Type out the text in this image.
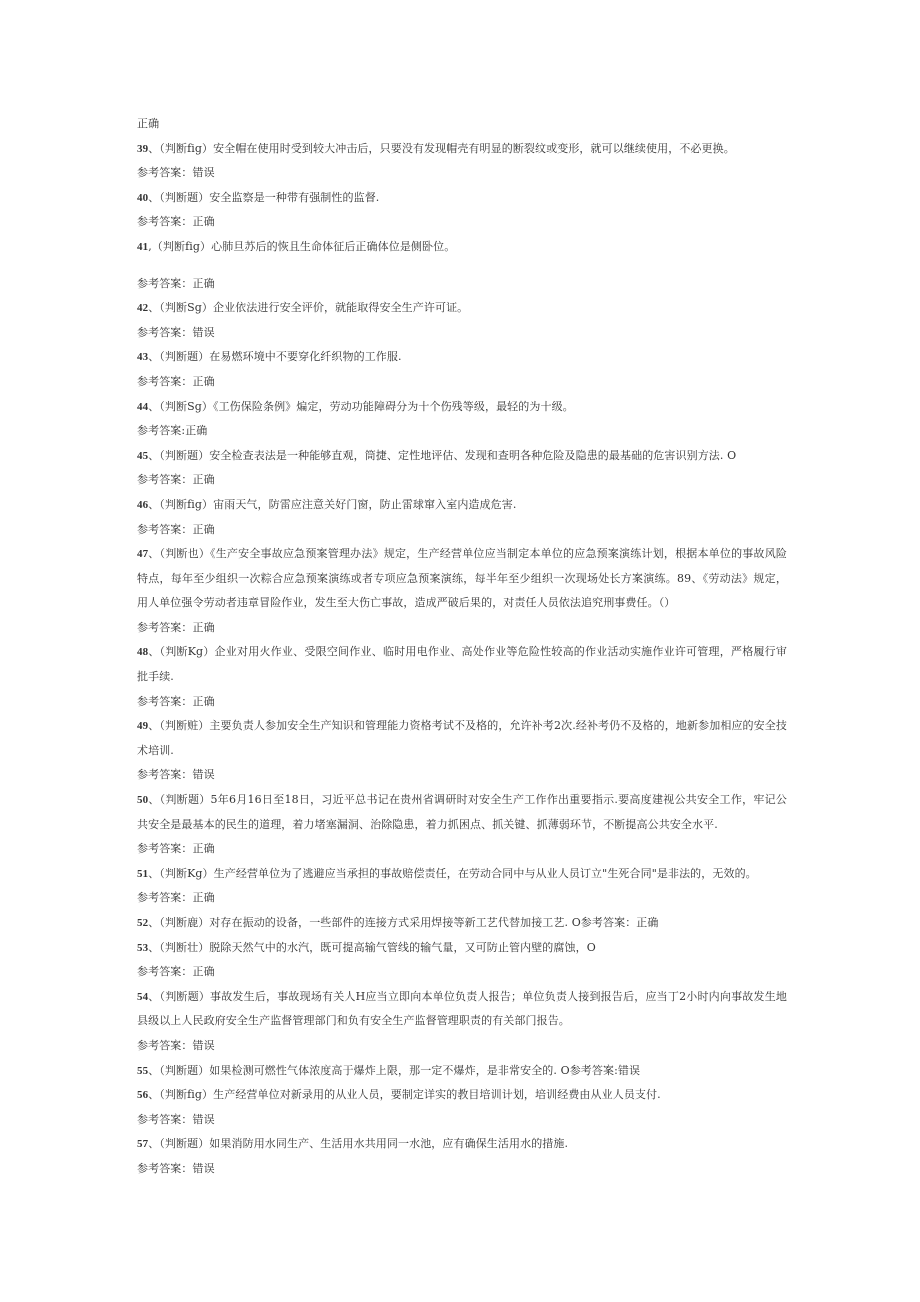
正确
39、（判断fig）安全帽在使用时受到较大冲击后，只要没有发现帽壳有明显的断裂纹或变形，就可以继续使用，不必更换。
参考答案：错误
40、（判断题）安全监察是一种带有强制性的监督.
参考答案：正确
41,（判断fig）心肺旦苏后的恢且生命体征后正确体位是侧卧位。
参考答案：正确
42、（判断Sg）企业依法进行安全评价，就能取得安全生产许可证。
参考答案：错误
43、（判断题）在易燃环境中不要穿化纤织物的工作服.
参考答案：正确
44、（判断Sg）《工伤保险条例》煸定，劳动功能障碍分为十个伤残等级，最轻的为十级。
参考答案:正确
45、（判断题）安全检查表法是一种能够直观，筒捷、定性地评估、发现和查明各种危险及隐患的最基础的危害识别方法. O
参考答案：正确
46、（判断fig）宙雨天气，防雷应注意关好门窗，防止雷球窜入室内造成危害.
参考答案：正确
47、（判断也）《生产安全事故应急预案管理办法》规定，生产经营单位应当制定本单位的应急预案演练计划，根据本单位的事故风险特点，每年至少组织一次粽合应急预案演练或者专项应急预案演练，每半年至少组织一次现场处长方案演练。89、《劳动法》规定，用人单位强令劳动者违章冒险作业，发生至大伤亡事故，造成严破后果的，对责任人员依法追究刑事费任。（）
参考答案：正确
48、（判断Kg）企业对用火作业、受限空间作业、临时用电作业、高处作业等危险性较高的作业活动实施作业许可管理，严格履行审批手续.
参考答案：正确
49、（判断赃）主要负责人参加安全生产知识和管理能力资格考试不及格的，允许补考2次.经补考仍不及格的，地新参加相应的安全技术培训.
参考答案：错误
50、（判断题）5年6月16日至18日，习近平总书记在贵州省调研时对安全生产工作作出重要指示.要高度建视公共安全工作，牢记公共安全是最基本的民生的道理，着力堵塞漏洞、治除隐患，着力抓困点、抓关键、抓薄弱环节，不断提高公共安全水平.
参考答案：正确
51、（判断Kg）生产经营单位为了逃避应当承担的事故赔偿责任，在劳动合同中与从业人员订立"生死合同"是非法的，无效的。
参考答案：正确
52、（判断鹿）对存在振动的设备，一些部件的连接方式采用焊接等新工艺代替加接工艺. O参考答案：正确
53、（判断壮）脱除天然气中的水汽，既可提高输气管线的输气量，又可防止管内壁的腐蚀，O
参考答案：正确
54、（判断题）事故发生后，事故现场有关人H应当立即向本单位负责人报告；单位负责人接到报告后，应当丁2小时内向事故发生地县级以上人民政府安全生产监督管理部门和负有安全生产监督管理职责的有关部门报告。
参考答案：错误
55、（判断题）如果检测可燃性气体浓度高于爆炸上限，那一定不爆炸，是非常安全的. O参考答案:错误
56、（判断fig）生产经营单位对新录用的从业人员，要制定详实的教目培训计划，培训经费由从业人员支付.
参考答案：错误
57、（判断题）如果消防用水同生产、生活用水共用同一水池，应有确保生活用水的措施.
参考答案：错误
